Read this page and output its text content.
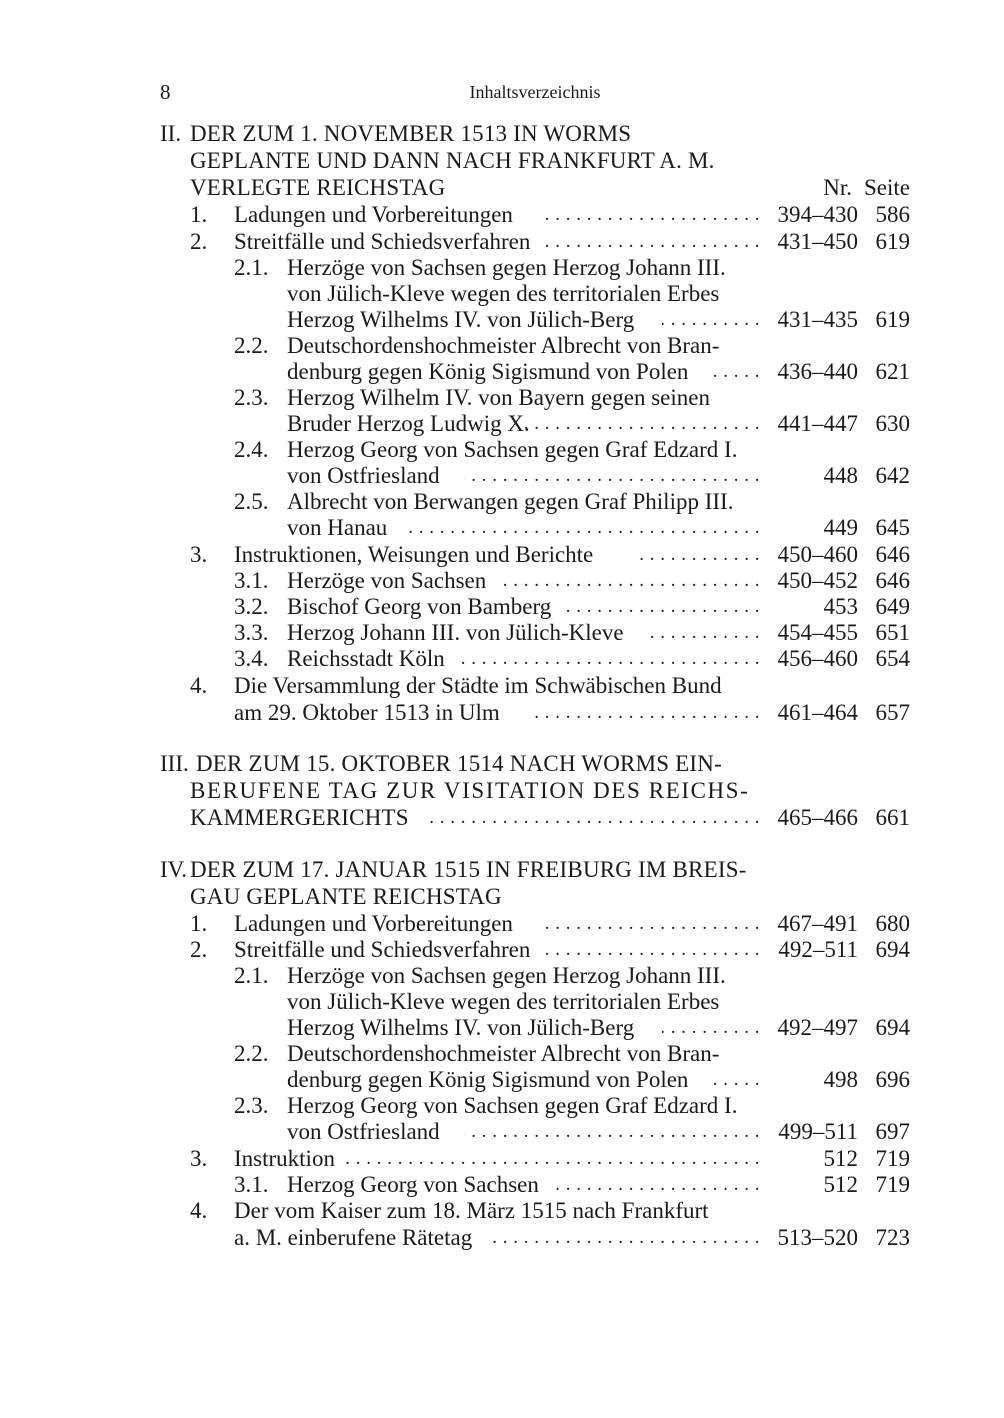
8	Inhaltsverzeichnis
II. DER ZUM 1. NOVEMBER 1513 IN WORMS
GEPLANTE UND DANN NACH FRANKFURT A. M.
VERLEGTE REICHSTAG	Nr. Seite
1. Ladungen und Vorbereitungen . . .	394–430 586
2. Streitfälle und Schiedsverfahren . . .	431–450 619
2.1. Herzöge von Sachsen gegen Herzog Johann III.
von Jülich-Kleve wegen des territorialen Erbes
Herzog Wilhelms IV. von Jülich-Berg . . .	431–435 619
2.2. Deutschordenshochmeister Albrecht von Bran-
denburg gegen König Sigismund von Polen . . .	436–440 621
2.3. Herzog Wilhelm IV. von Bayern gegen seinen
Bruder Herzog Ludwig X. . . .	441–447 630
2.4. Herzog Georg von Sachsen gegen Graf Edzard I.
von Ostfriesland . . .	448 642
2.5. Albrecht von Berwangen gegen Graf Philipp III.
von Hanau . . .	449 645
3. Instruktionen, Weisungen und Berichte . . .	450–460 646
3.1. Herzöge von Sachsen . . .	450–452 646
3.2. Bischof Georg von Bamberg . . .	453 649
3.3. Herzog Johann III. von Jülich-Kleve . . .	454–455 651
3.4. Reichsstadt Köln . . .	456–460 654
4. Die Versammlung der Städte im Schwäbischen Bund
am 29. Oktober 1513 in Ulm . . .	461–464 657
III. DER ZUM 15. OKTOBER 1514 NACH WORMS EIN-
BERUFENE TAG ZUR VISITATION DES REICHS-
KAMMERGERICHTS . . .	465–466 661
IV. DER ZUM 17. JANUAR 1515 IN FREIBURG IM BREIS-
GAU GEPLANTE REICHSTAG
1. Ladungen und Vorbereitungen . . .	467–491 680
2. Streitfälle und Schiedsverfahren . . .	492–511 694
2.1. Herzöge von Sachsen gegen Herzog Johann III.
von Jülich-Kleve wegen des territorialen Erbes
Herzog Wilhelms IV. von Jülich-Berg . . .	492–497 694
2.2. Deutschordenshochmeister Albrecht von Bran-
denburg gegen König Sigismund von Polen . . .	498 696
2.3. Herzog Georg von Sachsen gegen Graf Edzard I.
von Ostfriesland . . .	499–511 697
3. Instruktion . . .	512 719
3.1. Herzog Georg von Sachsen . . .	512 719
4. Der vom Kaiser zum 18. März 1515 nach Frankfurt
a. M. einberufene Rätetag . . .	513–520 723
